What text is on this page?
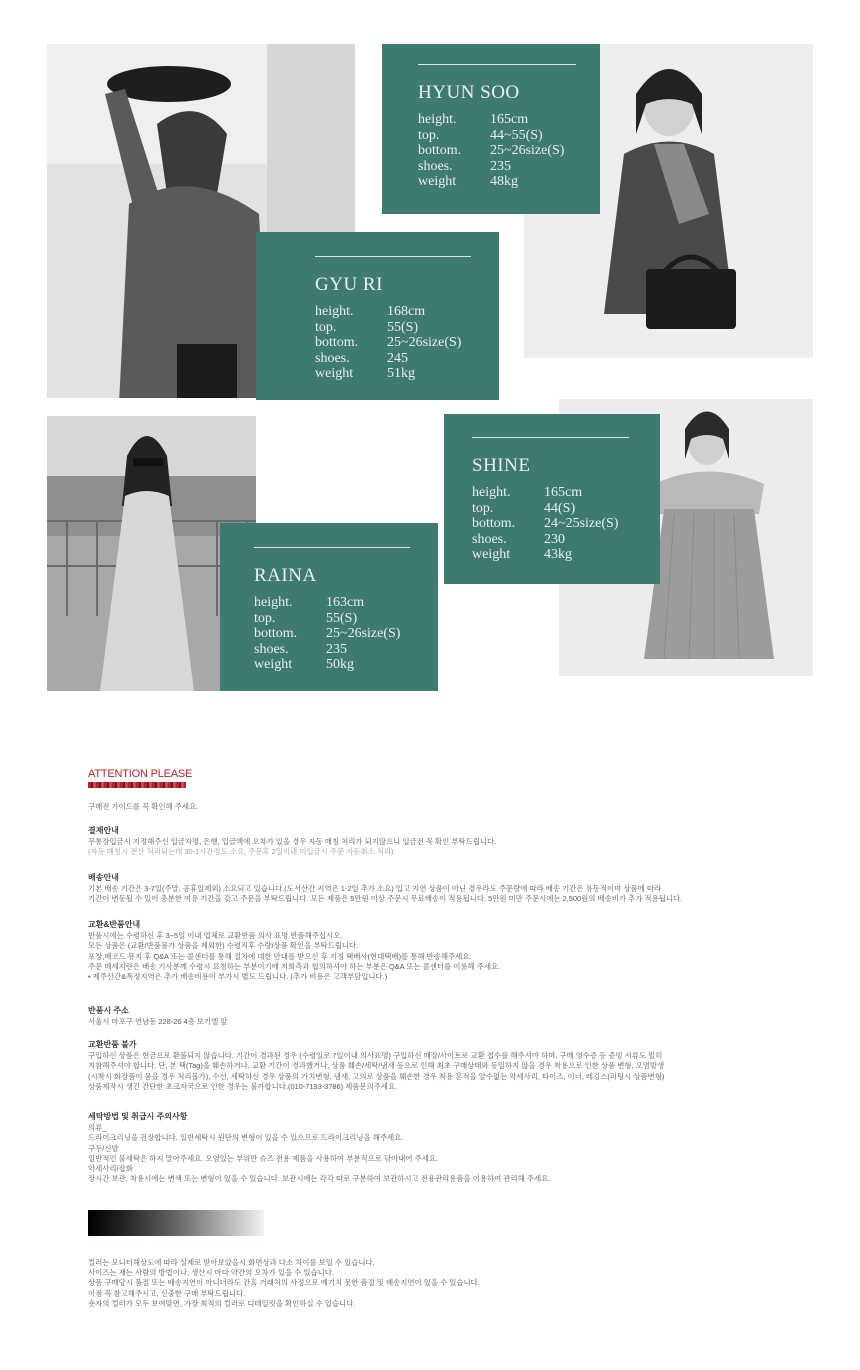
HYUN SOO
height.	165cm
top.	44~55(S)
bottom.	25~26size(S)
shoes.	235
weight	48kg
GYU RI
height.	168cm
top.	55(S)
bottom.	25~26size(S)
shoes.	245
weight	51kg
SHINE
height.	165cm
top.	44(S)
bottom.	24~25size(S)
shoes.	230
weight	43kg
RAINA
height.	163cm
top.	55(S)
bottom.	25~26size(S)
shoes.	235
weight	50kg
ATTENTION PLEASE
구매전 가이드를 꼭 확인해 주세요.
결제안내
무통장입금시 지정해주신 입금자명, 은행, 입금액에 오차가 있을 경우 자동 매칭 처리가 되지않으니 입금전 꼭 확인 부탁드립니다.
(자동 매칭시 전산 처리되는데 30-1시간정도 소요, 주문후 2일이내 미입금시 주문 자동취소 처리)
배송안내
기본 배송 기간은 3-7일(주말, 공휴일제외) 소요되고 있습니다.(도서산간 지역은 1-2일 추가 소요) 입고 지연 상품이 아닌 경우라도 주문량에 따라 배송 기간은 유동적이며 상품에 따라
기간이 변동될 수 있어 충분한 여유 기간을 갖고 주문을 부탁드립니다. 모든 제품은 5만원 이상 주문시 무료배송이 적용됩니다. 5만원 미만 주문시에는 2,500원의 배송비가 추가 적용됩니다.
교환&반품안내
반품시에는 수령하신 후 3~5일 이내 업체로 교환반품 의사 표명 반품해주십시오.
모든 상품은 (교환/반품불가 상품을 제외한) 수령직후 수량/상품 확인을 부탁드립니다.
포장,배코드 뮤지 후 Q&A 또는 콜센터를 통해 절차에 대한 안내를 받으신 후 지정 택배사(현대택배)를 통해 반송해주세요.
주문 메세지란은 배송 기사분께 수령시 요청하는 부분이기에 저희측과 협의하셔야 하는 부분은 Q&A 또는 콜센터를 이용해 주세요.
• 제주산간&특정지역은 추가 배송비용이 부가시 별도 드립니다. (추가 비용은 고객부담입니다.)
반품시 주소
서울시 마포구 연남동 228-26 4층 보기엘 앞
교환반품 불가
구입하신 상품은 현금으로 환불되지 않습니다. 기간이 경과된 경우 (수령일로 7일이내 의사표명) 구입하신 매장/사이트로 교환 접수를 해주셔야 하며, 구매 영수증 등 증빙 서류도 빌히
지참해주셔야 합니다. 단, 본 택(Tag)을 훼손하거나, 교환 기간이 경과했거나, 상품 훼손/세탁/냄새 등으로 인해 최초 구매상태와 동일하지 않을 경우 착용으로 인한 상품 변형, 오염발생
(시착시 화장품이 묻을 경우 처리불가), 수선, 세탁하신 경우 상품의 가치변형, 냄새, 고의로 상품을 훼손한 경우 착용 흔적을 알수없는 악세사리, 타이즈, 이너, 레깅스(퍼팅시 상품변형)
상품제작시 생긴 간단한 초크자국으로 인한 경우는 불가합니다.(010-7193-3786) 제품문의주세요.
세탁방법 및 취급시 주의사항
의류_
드라이크리닝을 권장합니다. 일반세탁시 원단의 변형이 있을 수 있으므로 드라이크리닝을 해주세요.
구두/신발
일반적인 물세탁은 하지 말아주세요. 오염있는 부위만 슈즈 전용 제품을 사용하여 부분적으로 닦아내어 주세요.
악세사리/잡화
장시간 보관, 착용시에는 변색 또는 변형이 있을 수 있습니다. 보관시에는 각각 따로 구분하여 보관하시고 전용관리용품을 이용하여 관리해 주세요.
· · · · · · · · · · · · · · · · · · · ·
컬러는 모니터해상도에 따라 실제로 받아보았을시 화면상과 다소 차이를 보일 수 있습니다.
사이즈는 재는 사람의 방법이나, 생산시 마다 약간의 오차가 있을 수 있습니다.
상품 구매당시 품절 또는 배송지연이 아니더라도 간혹 거래처의 사정으로 예기치 못한 품절 및 배송지연이 있을 수 있습니다.
이점 꼭 참고해주시고, 신중한 구매 부탁드립니다.
숏자의 컬러가 모두 보여맞면, 가장 최적의 컬러로 디테일컷을 확인하실 수 있습니다.
